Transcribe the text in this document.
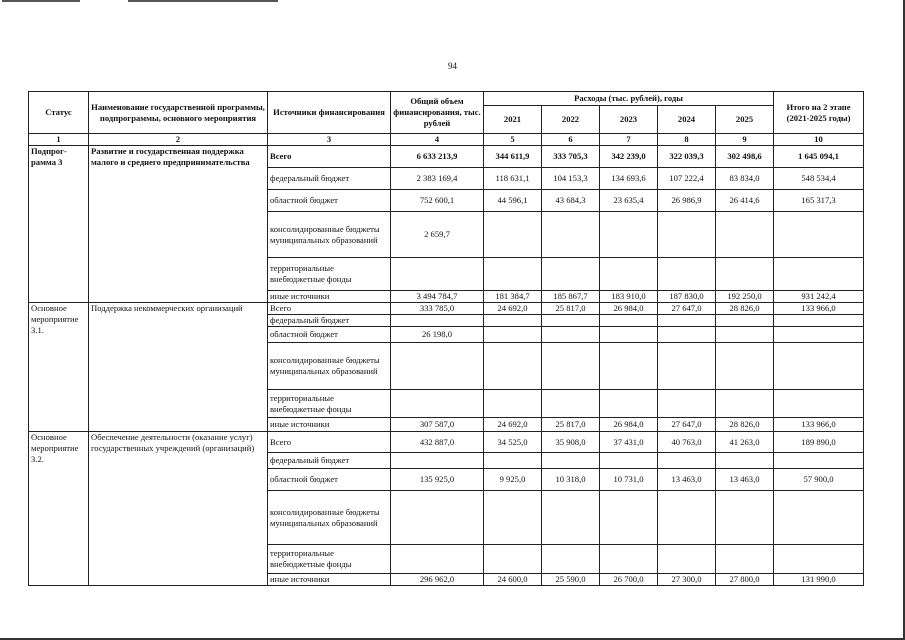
94
Статус	Наименование государственной программы, подпрограммы, основного мероприятия	Источники финансирования	Общий объем финансирования, тыс. рублей	Расходы (тыс. рублей), годы					Итого на 2 этапе (2021-2025 годы)
				2021	2022	2023	2024	2025	
1	2	3	4	5	6	7	8	9	10
Подпрог-рамма 3	Развитие и государственная поддержка малого и среднего предпринимательства	Всего	6 633 213,9	344 611,9	333 705,3	342 239,0	322 039,3	302 498,6	1 645 094,1
		федеральный бюджет	2 383 169,4	118 631,1	104 153,3	134 693,6	107 222,4	83 834,0	548 534,4
		областной бюджет	752 600,1	44 596,1	43 684,3	23 635,4	26 986,9	26 414,6	165 317,3
		консолидированные бюджеты муниципальных образований	2 659,7						
		территориальные внебюджетные фонды							
		иные источники	3 494 784,7	181 384,7	185 867,7	183 910,0	187 830,0	192 250,0	931 242,4
Основное мероприятие 3.1.	Поддержка некоммерческих организаций	Всего	333 785,0	24 692,0	25 817,0	26 984,0	27 647,0	28 826,0	133 966,0
		федеральный бюджет							
		областной бюджет	26 198,0						
		консолидированные бюджеты муниципальных образований							
		территориальные внебюджетные фонды							
		иные источники	307 587,0	24 692,0	25 817,0	26 984,0	27 647,0	28 826,0	133 966,0
Основное мероприятие 3.2.	Обеспечение деятельности (оказание услуг) государственных учреждений (организаций)	Всего	432 887,0	34 525,0	35 908,0	37 431,0	40 763,0	41 263,0	189 890,0
		федеральный бюджет							
		областной бюджет	135 925,0	9 925,0	10 318,0	10 731,0	13 463,0	13 463,0	57 900,0
		консолидированные бюджеты муниципальных образований							
		территориальные внебюджетные фонды							
		иные источники	296 962,0	24 600,0	25 590,0	26 700,0	27 300,0	27 800,0	131 990,0
